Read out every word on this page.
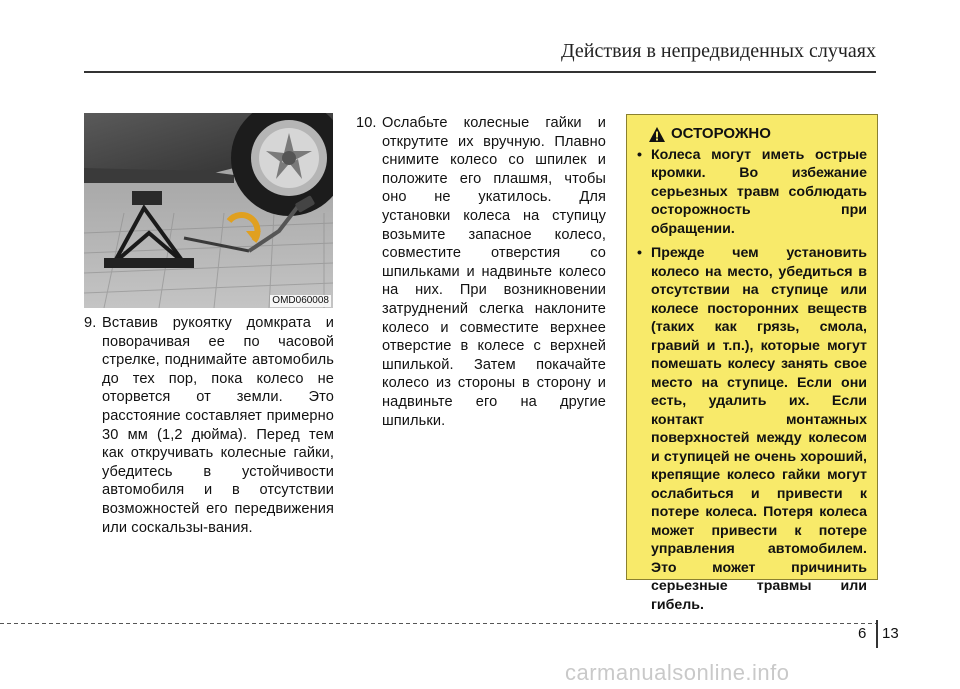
Действия в непредвиденных случаях
OMD060008
9. Вставив рукоятку домкрата и поворачивая ее по часовой стрелке, поднимайте автомобиль до тех пор, пока колесо не оторвется от земли. Это расстояние составляет примерно 30 мм (1,2 дюйма). Перед тем как откручивать колесные гайки, убедитесь в устойчивости автомобиля и в отсутствии возможностей его передвижения или соскальзы-вания.
10. Ослабьте колесные гайки и открутите их вручную. Плавно снимите колесо со шпилек и положите его плашмя, чтобы оно не укатилось. Для установки колеса на ступицу возьмите запасное колесо, совместите отверстия со шпильками и надвиньте колесо на них. При возникновении затруднений слегка наклоните колесо и совместите верхнее отверстие в колесе с верхней шпилькой. Затем покачайте колесо из стороны в сторону и надвиньте его на другие шпильки.
ОСТОРОЖНО
• Колеса могут иметь острые кромки. Во избежание серьезных травм соблюдать осторожность при обращении.
• Прежде чем установить колесо на место, убедиться в отсутствии на ступице или колесе посторонних веществ (таких как грязь, смола, гравий и т.п.), которые могут помешать колесу занять свое место на ступице. Если они есть, удалить их. Если контакт монтажных поверхностей между колесом и ступицей не очень хороший, крепящие колесо гайки могут ослабиться и привести к потере колеса. Потеря колеса может привести к потере управления автомобилем. Это может причинить серьезные травмы или гибель.
6 13
carmanualsonline.info
